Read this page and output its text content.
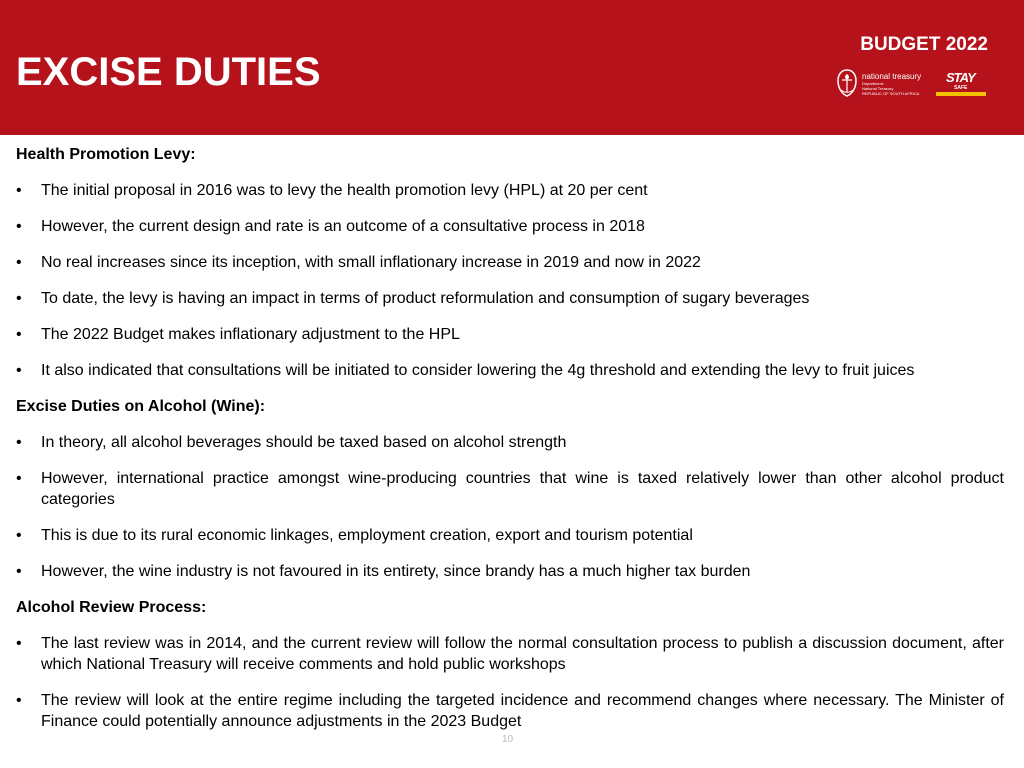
EXCISE DUTIES
BUDGET 2022
national treasury
Department:
National Treasury
REPUBLIC OF SOUTH AFRICA
STAY
SAFE
Health Promotion Levy:
• The initial proposal in 2016 was to levy the health promotion levy (HPL) at 20 per cent
• However, the current design and rate is an outcome of a consultative process in 2018
• No real increases since its inception, with small inflationary increase in 2019 and now in 2022
• To date, the levy is having an impact in terms of product reformulation and consumption of sugary beverages
• The 2022 Budget makes inflationary adjustment to the HPL
• It also indicated that consultations will be initiated to consider lowering the 4g threshold and extending the levy to fruit juices
Excise Duties on Alcohol (Wine):
• In theory, all alcohol beverages should be taxed based on alcohol strength
• However, international practice amongst wine-producing countries that wine is taxed relatively lower than other alcohol product categories
• This is due to its rural economic linkages, employment creation, export and tourism potential
• However, the wine industry is not favoured in its entirety, since brandy has a much higher tax burden
Alcohol Review Process:
• The last review was in 2014, and the current review will follow the normal consultation process to publish a discussion document, after which National Treasury will receive comments and hold public workshops
• The review will look at the entire regime including the targeted incidence and recommend changes where necessary. The Minister of Finance could potentially announce adjustments in the 2023 Budget
10
